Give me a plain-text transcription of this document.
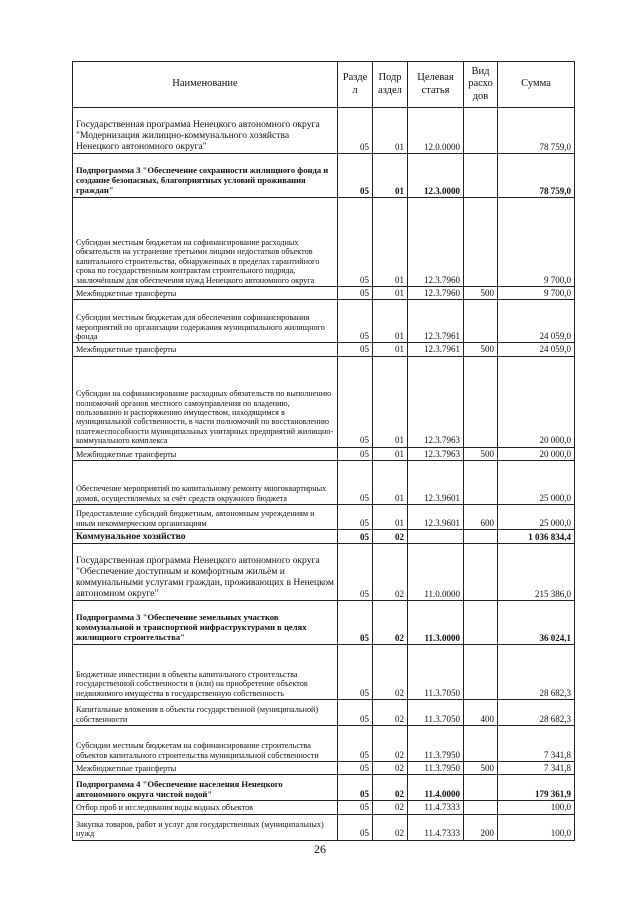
Наименование	Разде л	Подр аздел	Целевая статья	Вид расхо дов	Сумма
Государственная программа Ненецкого автономного округа "Модернизация жилищно-коммунального хозяйства Ненецкого автономного округа"	05	01	12.0.0000		78 759,0
Подпрограмма 3 "Обеспечение сохранности жилищного фонда и создание безопасных, благоприятных условий проживания граждан"	05	01	12.3.0000		78 759,0
Субсидии местным бюджетам на софинансирование расходных обязательств на устранение третьими лицами недостатков объектов капитального строительства, обнаруженных в пределах гарантийного срока по государственным контрактам строительного подряда, заключённым для обеспечения нужд Ненецкого автономного округа	05	01	12.3.7960		9 700,0
Межбюджетные трансферты	05	01	12.3.7960	500	9 700,0
Субсидии местным бюджетам для обеспечения софинансирования мероприятий по организации содержания муниципального жилищного фонда	05	01	12.3.7961		24 059,0
Межбюджетные трансферты	05	01	12.3.7961	500	24 059,0
Субсидии на софинансирование расходных обязательств по выполнению полномочий органов местного самоуправления по владению, пользованию и распоряжению имуществом, находящимся в муниципальной собственности, в части полномочий по восстановлению платежеспособности муниципальных унитарных предприятий жилищно-коммунального комплекса	05	01	12.3.7963		20 000,0
Межбюджетные трансферты	05	01	12.3.7963	500	20 000,0
Обеспечение мероприятий по капитальному ремонту многоквартирных домов, осуществляемых за счёт средств окружного бюджета	05	01	12.3.9601		25 000,0
Предоставление субсидий бюджетным, автономным учреждениям и иным некоммерческим организациям	05	01	12.3.9601	600	25 000,0
Коммунальное хозяйство	05	02			1 036 834,4
Государственная программа Ненецкого автономного округа "Обеспечение доступным и комфортным жильём и коммунальными услугами граждан, проживающих в Ненецком автономном округе"	05	02	11.0.0000		215 386,0
Подпрограмма 3 "Обеспечение земельных участков коммунальной и транспортной инфраструктурами в целях жилищного строительства"	05	02	11.3.0000		36 024,1
Бюджетные инвестиции в объекты капитального строительства государственной собственности в (или) на приобретение объектов недвижимого имущества в государственную собственность	05	02	11.3.7050		28 682,3
Капитальные вложения в объекты государственной (муниципальной) собственности	05	02	11.3.7050	400	28 682,3
Субсидии местным бюджетам на софинансирование строительства объектов капитального строительства муниципальной собственности	05	02	11.3.7950		7 341,8
Межбюджетные трансферты	05	02	11.3.7950	500	7 341,8
Подпрограмма 4 "Обеспечение населения Ненецкого автономного округа чистой водой"	05	02	11.4.0000		179 361,9
Отбор проб и исследования воды водных объектов	05	02	11.4.7333		100,0
Закупка товаров, работ и услуг для государственных (муниципальных) нужд	05	02	11.4.7333	200	100,0
26
